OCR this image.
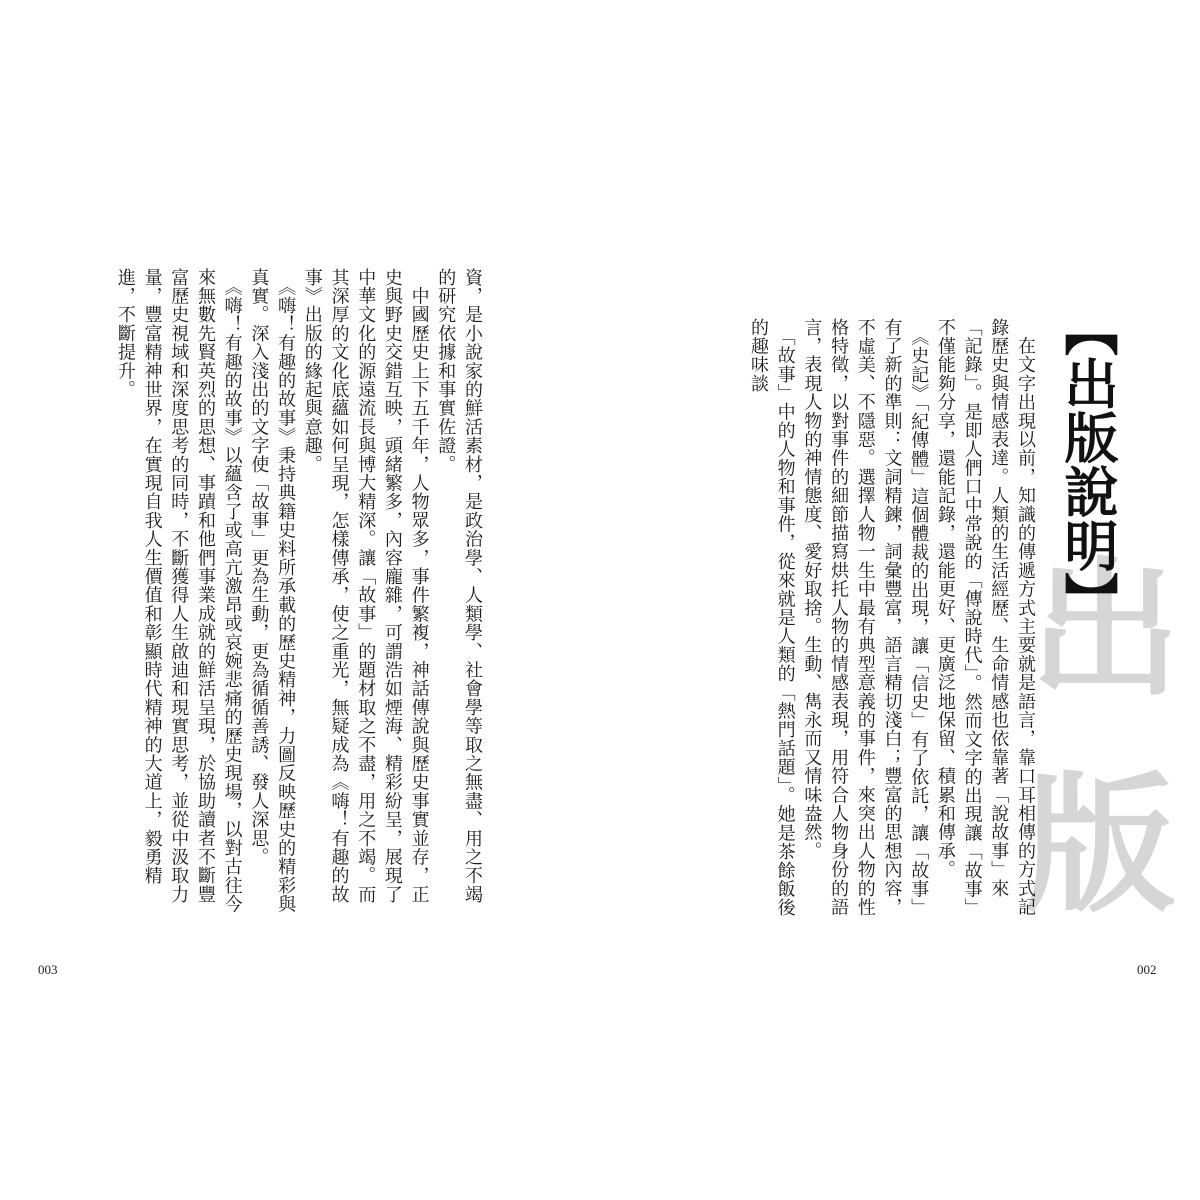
資，是小說家的鮮活素材，是政治學、人類學、社會學等取之無盡、用之不竭的研究依據和事實佐證。

　中國歷史上下五千年，人物眾多，事件繁複，神話傳說與歷史事實並存，正史與野史交錯互映，頭緒繁多，內容龐雜，可謂浩如煙海、精彩紛呈，展現了中華文化的源遠流長與博大精深。讓「故事」的題材取之不盡，用之不竭。而其深厚的文化底蘊如何呈現，怎樣傳承，使之重光，無疑成為《嗨！有趣的故事》出版的緣起與意趣。

　《嗨！有趣的故事》秉持典籍史料所承載的歷史精神，力圖反映歷史的精彩與真實。深入淺出的文字使「故事」更為生動，更為循循善誘、發人深思。

　《嗨！有趣的故事》以蘊含了或高亢激昂或哀婉悲痛的歷史現場，以對古往今來無數先賢英烈的思想、事蹟和他們事業成就的鮮活呈現，於協助讀者不斷豐富歷史視域和深度思考的同時，不斷獲得人生啟迪和現實思考，並從中汲取力量，豐富精神世界，在實現自我人生價值和彰顯時代精神的大道上，毅勇精進，不斷提升。

003
出
版
【出版說明】

　在文字出現以前，知識的傳遞方式主要就是語言，靠口耳相傳的方式記錄歷史與情感表達。人類的生活經歷、生命情感也依靠著「說故事」來「記錄」。是即人們口中常說的「傳說時代」。然而文字的出現讓「故事」不僅能夠分享，還能記錄，還能更好、更廣泛地保留、積累和傳承。

　《史記》「紀傳體」這個體裁的出現，讓「信史」有了依託，讓「故事」有了新的準則：文詞精鍊，詞彙豐富，語言精切淺白；豐富的思想內容，不虛美、不隱惡。選擇人物一生中最有典型意義的事件，來突出人物的性格特徵，以對事件的細節描寫烘托人物的情感表現，用符合人物身份的語言，表現人物的神情態度、愛好取捨。生動、雋永而又情味盎然。

　「故事」中的人物和事件，從來就是人類的「熱門話題」。她是茶餘飯後的趣味談

002
